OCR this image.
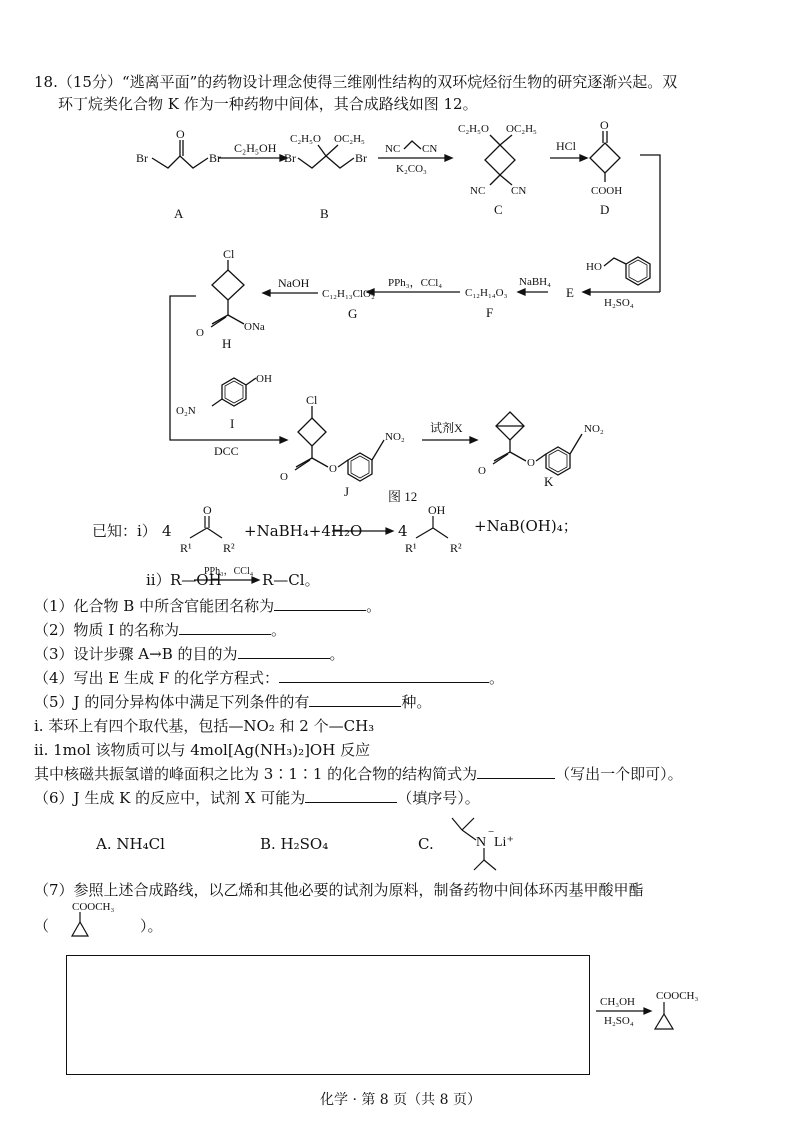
18.（15分）“逃离平面”的药物设计理念使得三维刚性结构的双环烷烃衍生物的研究逐渐兴起。双
环丁烷类化合物 K 作为一种药物中间体，其合成路线如图 12。
Br	Br
O
C₂H₅OH
Br	Br
C₂H₅O OC₂H₅
NC CN
K₂CO₃
C₂H₅O OC₂H₅
NC CN
HCl
O
COOH
HO
H₂SO₄
NaBH₄
C₁₂H₁₄O₃
PPh₃，CCl₄
C₁₂H₁₃ClO₂
NaOH
Cl
O	ONa
OH
O₂N
DCC
Cl
O
O
NO₂
试剂X
O
O
NO₂
A	B	C	D
E
F
G
H
I
J
K
图 12
已知：i） 4
O
R¹	R²
OH
R¹	R²
PPh₃，CCl₄
+NaBH₄+4H₂O 4	+NaB(OH)₄；
ii） R—OH	R—Cl。
（1）化合物 B 中所含官能团名称为	。
（2）物质 I 的名称为	。
（3）设计步骤 A→B 的目的为	。
（4）写出 E 生成 F 的化学方程式：	。
（5）J 的同分异构体中满足下列条件的有	种。
i. 苯环上有四个取代基，包括—NO₂ 和 2 个—CH₃
ii. 1mol 该物质可以与 4mol[Ag(NH₃)₂]OH 反应
其中核磁共振氢谱的峰面积之比为 3∶1∶1 的化合物的结构简式为	（写出一个即可）。
（6）J 生成 K 的反应中，试剂 X 可能为	（填序号）。
A. NH₄Cl	B. H₂SO₄	C.	N
−
Li⁺
（7）参照上述合成路线，以乙烯和其他必要的试剂为原料，制备药物中间体环丙基甲酸甲酯
（	）。
COOCH₃
CH₃OH
H₂SO₄
COOCH₃
化学 · 第 8 页（共 8 页）
